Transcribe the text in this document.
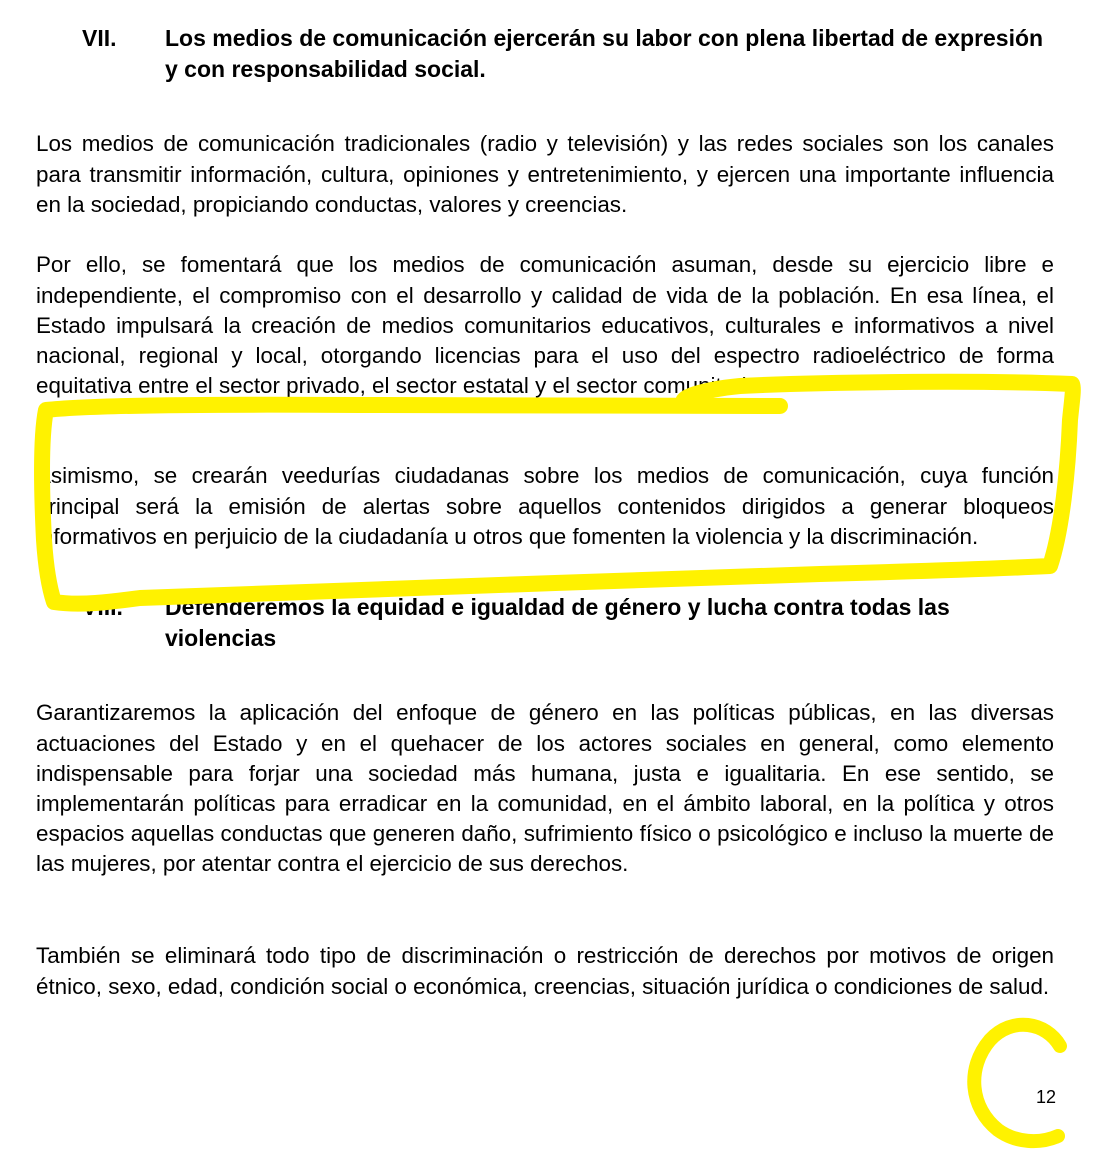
VII. Los medios de comunicación ejercerán su labor con plena libertad de expresión y con responsabilidad social.

Los medios de comunicación tradicionales (radio y televisión) y las redes sociales son los canales para transmitir información, cultura, opiniones y entretenimiento, y ejercen una importante influencia en la sociedad, propiciando conductas, valores y creencias.

Por ello, se fomentará que los medios de comunicación asuman, desde su ejercicio libre e independiente, el compromiso con el desarrollo y calidad de vida de la población. En esa línea, el Estado impulsará la creación de medios comunitarios educativos, culturales e informativos a nivel nacional, regional y local, otorgando licencias para el uso del espectro radioeléctrico de forma equitativa entre el sector privado, el sector estatal y el sector comunitario.

Asimismo, se crearán veedurías ciudadanas sobre los medios de comunicación, cuya función principal será la emisión de alertas sobre aquellos contenidos dirigidos a generar bloqueos informativos en perjuicio de la ciudadanía u otros que fomenten la violencia y la discriminación.

VIII. Defenderemos la equidad e igualdad de género y lucha contra todas las violencias

Garantizaremos la aplicación del enfoque de género en las políticas públicas, en las diversas actuaciones del Estado y en el quehacer de los actores sociales en general, como elemento indispensable para forjar una sociedad más humana, justa e igualitaria. En ese sentido, se implementarán políticas para erradicar en la comunidad, en el ámbito laboral, en la política y otros espacios aquellas conductas que generen daño, sufrimiento físico o psicológico e incluso la muerte de las mujeres, por atentar contra el ejercicio de sus derechos.

También se eliminará todo tipo de discriminación o restricción de derechos por motivos de origen étnico, sexo, edad, condición social o económica, creencias, situación jurídica o condiciones de salud.

12
